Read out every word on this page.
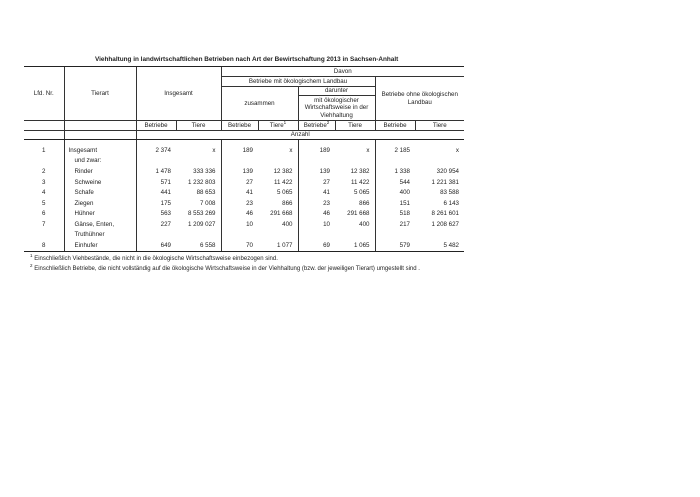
Viehhaltung in landwirtschaftlichen Betrieben nach Art der Bewirtschaftung 2013 in Sachsen-Anhalt
Lfd. Nr.	Tierart	Insgesamt		Davon					
				Betriebe mit ökologischem Landbau				Betriebe ohne ökologischen Landbau	
				zusammen		darunter			
						mit ökologischer Wirtschaftsweise in der Viehhaltung			
		Betriebe	Tiere	Betriebe	Tiere$^1$	Betriebe$^2$	Tiere	Betriebe	Tiere
		Anzahl							

1	Insgesamt	2 374	x	189	x	189	x	2 185	x
	und zwar:								
2	Rinder	1 478	333 336	139	12 382	139	12 382	1 338	320 954
3	Schweine	571	1 232 803	27	11 422	27	11 422	544	1 221 381
4	Schafe	441	88 653	41	5 065	41	5 065	400	83 588
5	Ziegen	175	7 008	23	866	23	866	151	6 143
6	Hühner	563	8 553 269	46	291 668	46	291 668	518	8 261 601
7	Gänse, Enten,	227	1 209 027	10	400	10	400	217	1 208 627
	Truthühner								
8	Einhufer	649	6 558	70	1 077	69	1 065	579	5 482
$^1$ Einschließlich Viehbestände, die nicht in die ökologische Wirtschaftsweise einbezogen sind.
$^2$ Einschließlich Betriebe, die nicht vollständig auf die ökologische Wirtschaftsweise in der Viehhaltung (bzw. der jeweiligen Tierart) umgestellt sind .
